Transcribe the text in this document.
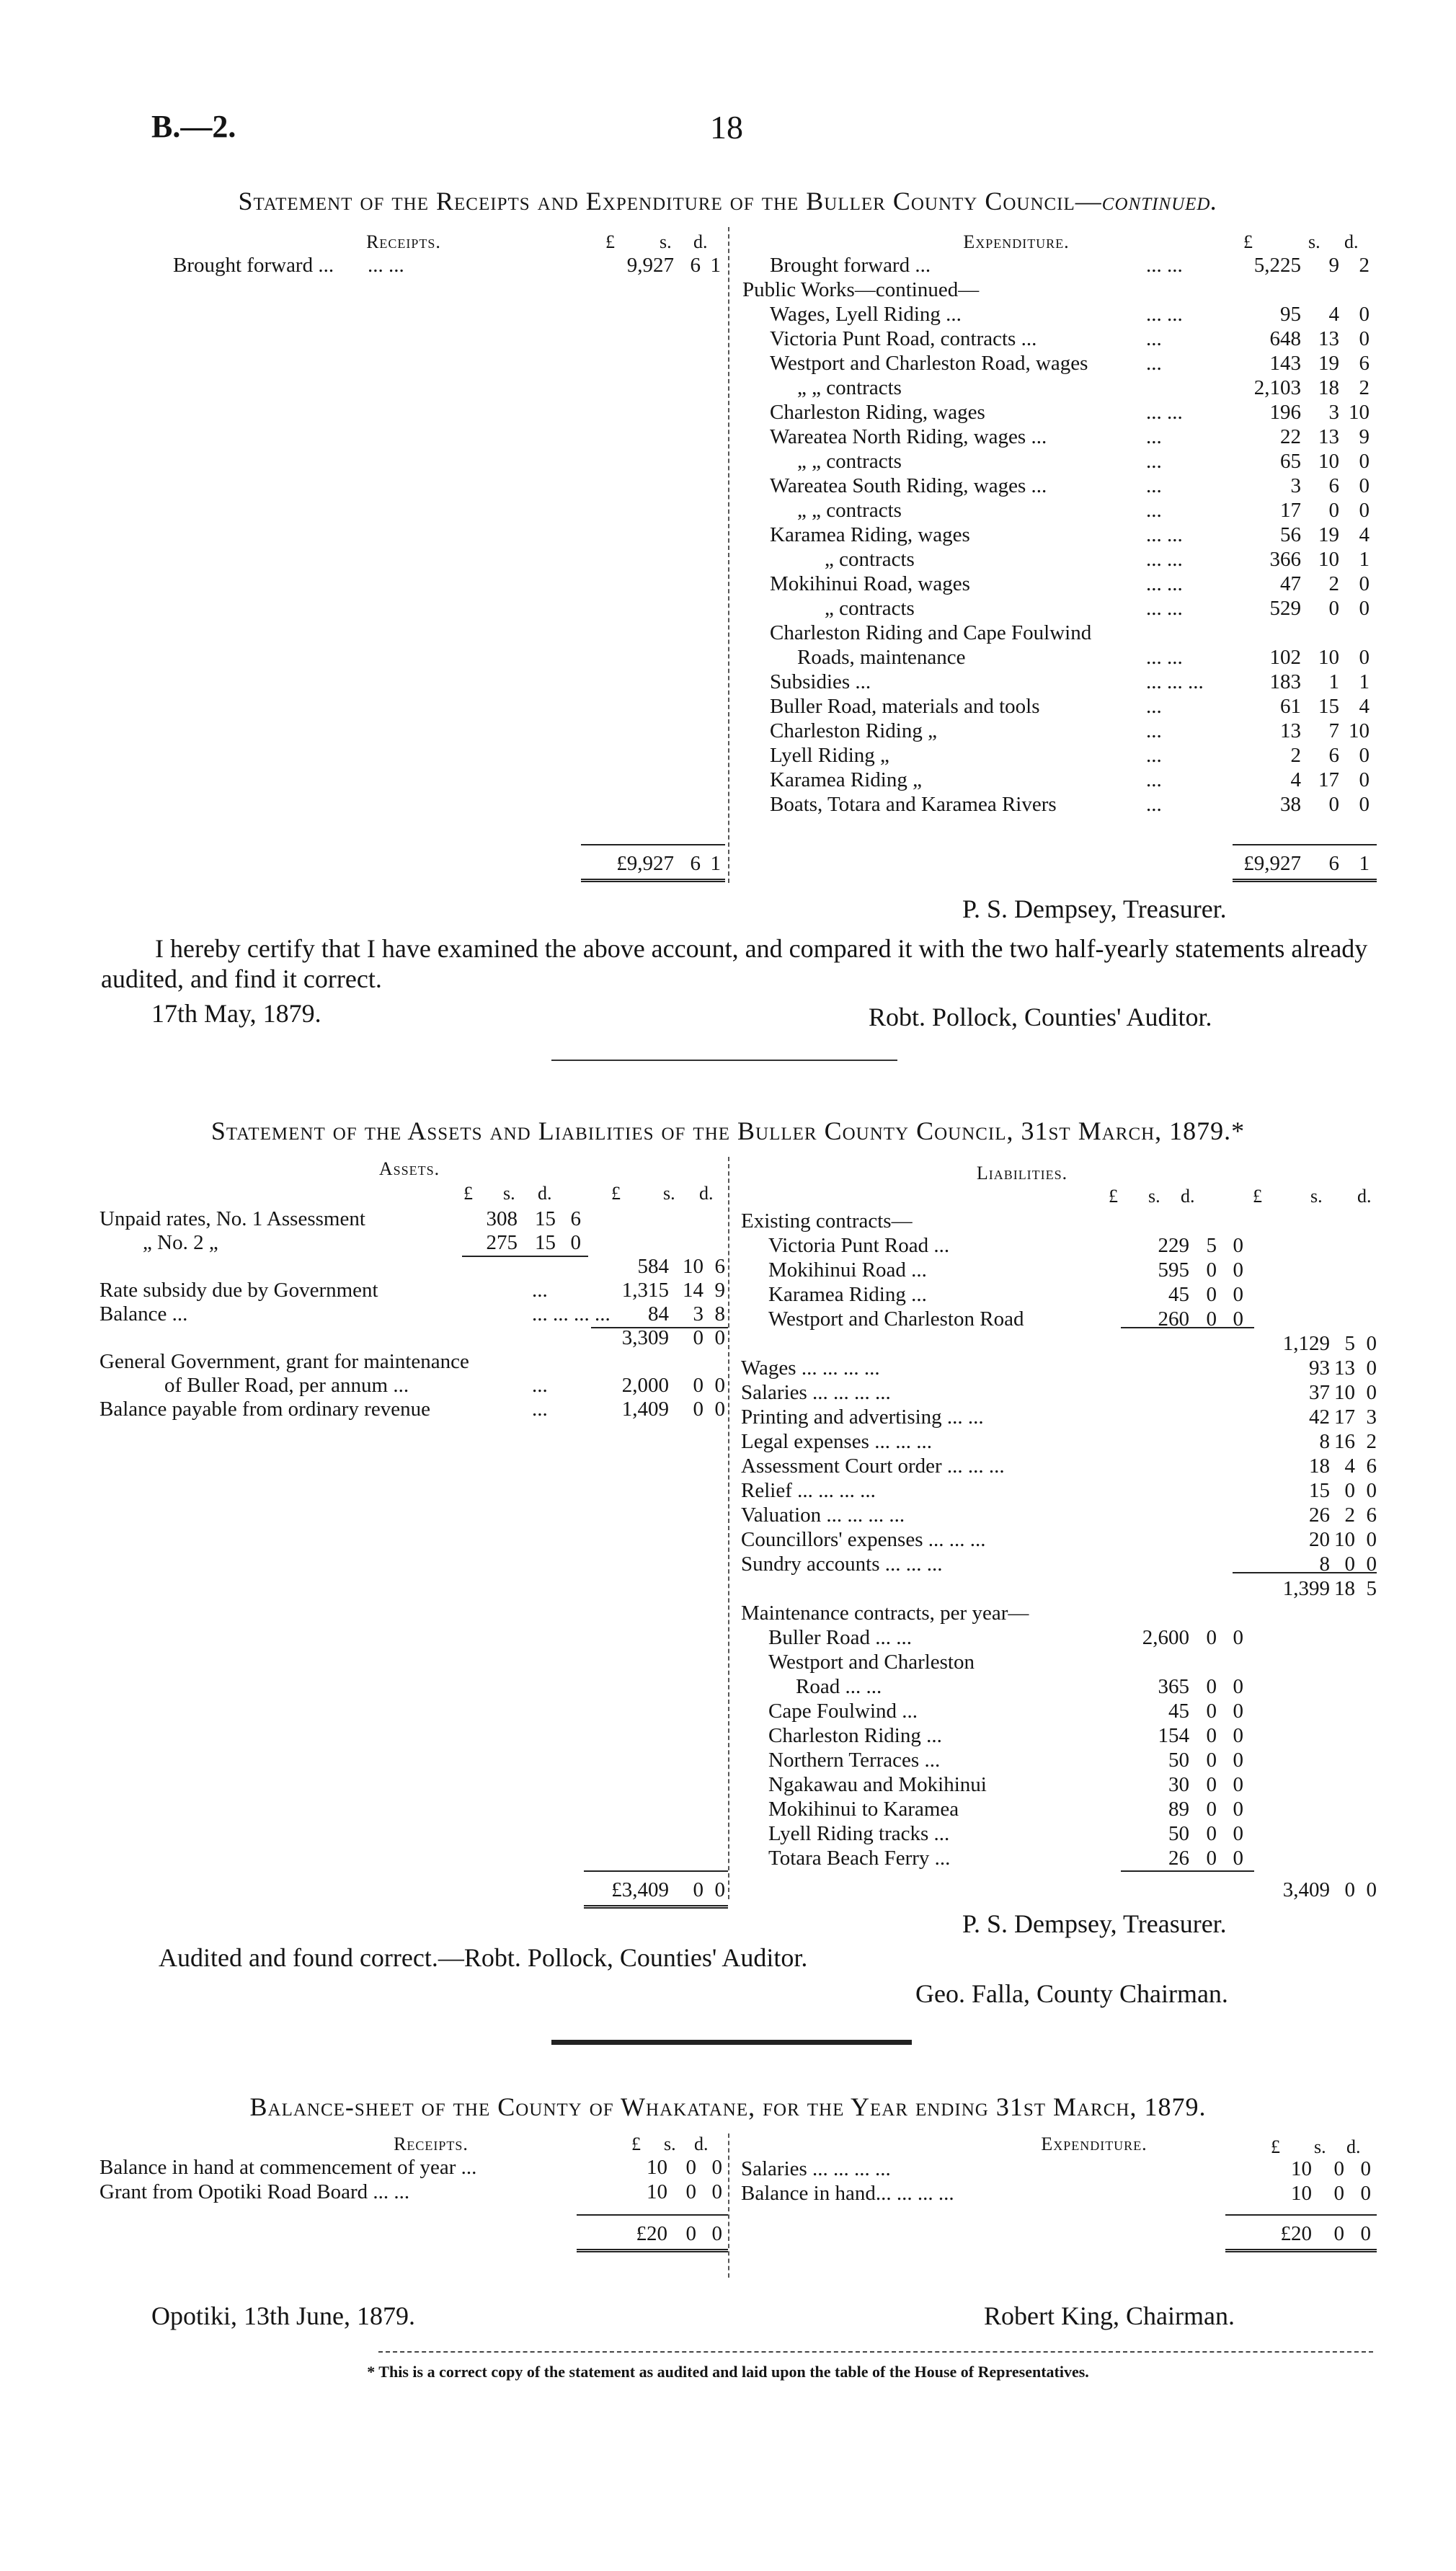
B.—2.	18
Statement of the Receipts and Expenditure of the Buller County Council—continued.
Receipts.	Expenditure.
£ s. d.	£	s. d.
Brought forward ... ... ...	9,927 6 1
£9,927 6 1
Brought forward ...	... ...	5,225 9 2
Public Works—continued—
Wages, Lyell Riding ...	... ...	95 4 0
Victoria Punt Road, contracts ...	...	648 13 0
Westport and Charleston Road, wages	...	143 19 6
„ „ contracts	2,103 18 2
Charleston Riding, wages	... ...	196 3 10
Wareatea North Riding, wages ...	...	22 13 9
„ „ contracts	...	65 10 0
Wareatea South Riding, wages ...	...	3 6 0
„ „ contracts	...	17 0 0
Karamea Riding, wages	... ...	56 19 4
„ contracts	... ...	366 10 1
Mokihinui Road, wages	... ...	47 2 0
„ contracts	... ...	529 0 0
Charleston Riding and Cape Foulwind
Roads, maintenance	... ...	102 10 0
Subsidies ...	... ... ...	183 1 1
Buller Road, materials and tools	...	61 15 4
Charleston Riding „	...	13 7 10
Lyell Riding „	...	2 6 0
Karamea Riding „	...	4 17 0
Boats, Totara and Karamea Rivers	...	38 0 0
£9,927 6 1
P. S. Dempsey, Treasurer.
I hereby certify that I have examined the above account, and compared it with the two half-yearly statements already audited, and find it correct.
17th May, 1879.	Robt. Pollock, Counties' Auditor.
Statement of the Assets and Liabilities of the Buller County Council, 31st March, 1879.*
Assets.	Liabilities.
£ s. d.	£ s. d.	£ s. d.	£	s. d.
Unpaid rates, No. 1 Assessment	308 15 6
„ No. 2 „	275 15 0
584 10 6
Rate subsidy due by Government	...	1,315 14 9
Balance ...	... ... ... ... 84 3 8
3,309 0 0
General Government, grant for maintenance
of Buller Road, per annum ...	...	2,000 0 0
Balance payable from ordinary revenue	...	1,409 0 0
£3,409 0 0
Existing contracts—
Victoria Punt Road ...	229 5 0
Mokihinui Road ...	595 0 0
Karamea Riding ...	45 0 0
Westport and Charleston Road	260 0 0
1,129 5 0
Wages ... ... ... ...	93 13 0
Salaries ... ... ... ...	37 10 0
Printing and advertising ... ...	42 17 3
Legal expenses ... ... ...	8 16 2
Assessment Court order ... ... ...	18 4 6
Relief ... ... ... ...	15 0 0
Valuation ... ... ... ...	26 2 6
Councillors' expenses ... ... ...	20 10 0
Sundry accounts ... ... ...	8 0 0
1,399 18 5
Maintenance contracts, per year—
Buller Road ... ...	2,600 0 0
Westport and Charleston
Road ... ...	365 0 0
Cape Foulwind ...	45 0 0
Charleston Riding ...	154 0 0
Northern Terraces ...	50 0 0
Ngakawau and Mokihinui	30 0 0
Mokihinui to Karamea	89 0 0
Lyell Riding tracks ...	50 0 0
Totara Beach Ferry ...	26 0 0
3,409 0 0
P. S. Dempsey, Treasurer.
Audited and found correct.—Robt. Pollock, Counties' Auditor.
Geo. Falla, County Chairman.
Balance-sheet of the County of Whakatane, for the Year ending 31st March, 1879.
Receipts.	Expenditure.
£ s. d.	£ s. d.
Balance in hand at commencement of year ...	10 0 0
Grant from Opotiki Road Board ... ...	10 0 0
£20 0 0
Salaries ... ... ... ...	10 0 0
Balance in hand... ... ... ...	10 0 0
£20 0 0
Opotiki, 13th June, 1879.	Robert King, Chairman.
* This is a correct copy of the statement as audited and laid upon the table of the House of Representatives.
